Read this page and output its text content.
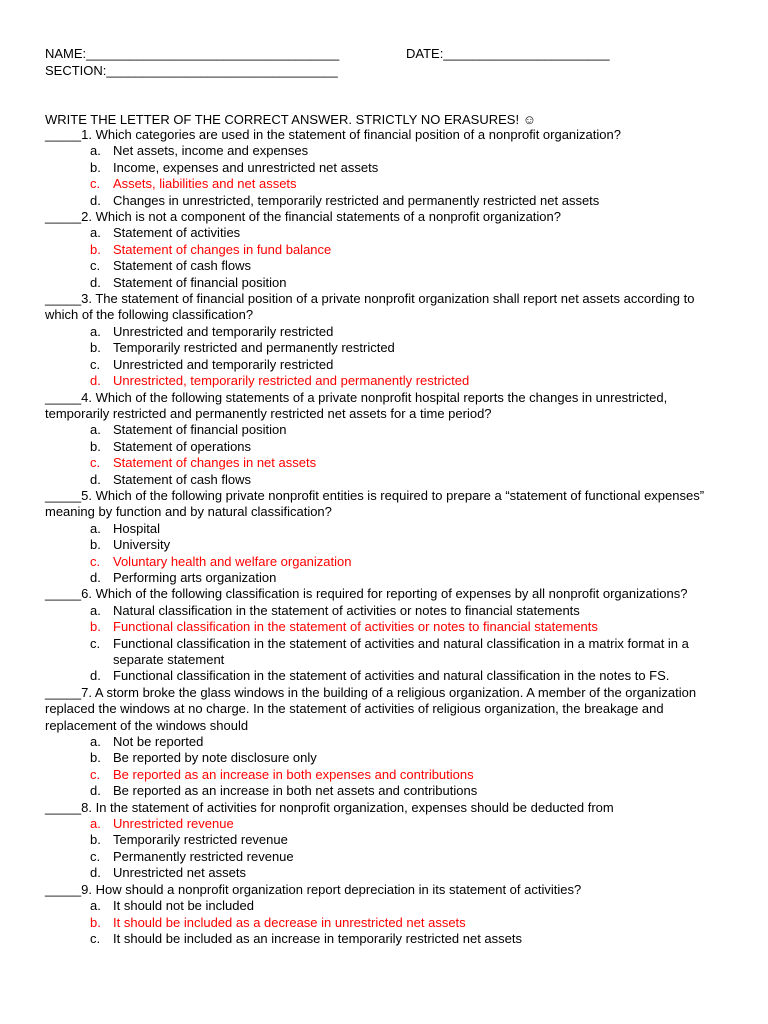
NAME:___________________________________	DATE:_______________________
SECTION:________________________________
WRITE THE LETTER OF THE CORRECT ANSWER. STRICTLY NO ERASURES! ☺
_____1. Which categories are used in the statement of financial position of a nonprofit organization?
a. Net assets, income and expenses
b. Income, expenses and unrestricted net assets
c. Assets, liabilities and net assets
d. Changes in unrestricted, temporarily restricted and permanently restricted net assets
_____2. Which is not a component of the financial statements of a nonprofit organization?
a. Statement of activities
b. Statement of changes in fund balance
c. Statement of cash flows
d. Statement of financial position
_____3. The statement of financial position of a private nonprofit organization shall report net assets according to which of the following classification?
a. Unrestricted and temporarily restricted
b. Temporarily restricted and permanently restricted
c. Unrestricted and temporarily restricted
d. Unrestricted, temporarily restricted and permanently restricted
_____4. Which of the following statements of a private nonprofit hospital reports the changes in unrestricted, temporarily restricted and permanently restricted net assets for a time period?
a. Statement of financial position
b. Statement of operations
c. Statement of changes in net assets
d. Statement of cash flows
_____5. Which of the following private nonprofit entities is required to prepare a “statement of functional expenses” meaning by function and by natural classification?
a. Hospital
b. University
c. Voluntary health and welfare organization
d. Performing arts organization
_____6. Which of the following classification is required for reporting of expenses by all nonprofit organizations?
a. Natural classification in the statement of activities or notes to financial statements
b. Functional classification in the statement of activities or notes to financial statements
c. Functional classification in the statement of activities and natural classification in a matrix format in a separate statement
d. Functional classification in the statement of activities and natural classification in the notes to FS.
_____7. A storm broke the glass windows in the building of a religious organization. A member of the organization replaced the windows at no charge. In the statement of activities of religious organization, the breakage and replacement of the windows should
a. Not be reported
b. Be reported by note disclosure only
c. Be reported as an increase in both expenses and contributions
d. Be reported as an increase in both net assets and contributions
_____8. In the statement of activities for nonprofit organization, expenses should be deducted from
a. Unrestricted revenue
b. Temporarily restricted revenue
c. Permanently restricted revenue
d. Unrestricted net assets
_____9. How should a nonprofit organization report depreciation in its statement of activities?
a. It should not be included
b. It should be included as a decrease in unrestricted net assets
c. It should be included as an increase in temporarily restricted net assets
